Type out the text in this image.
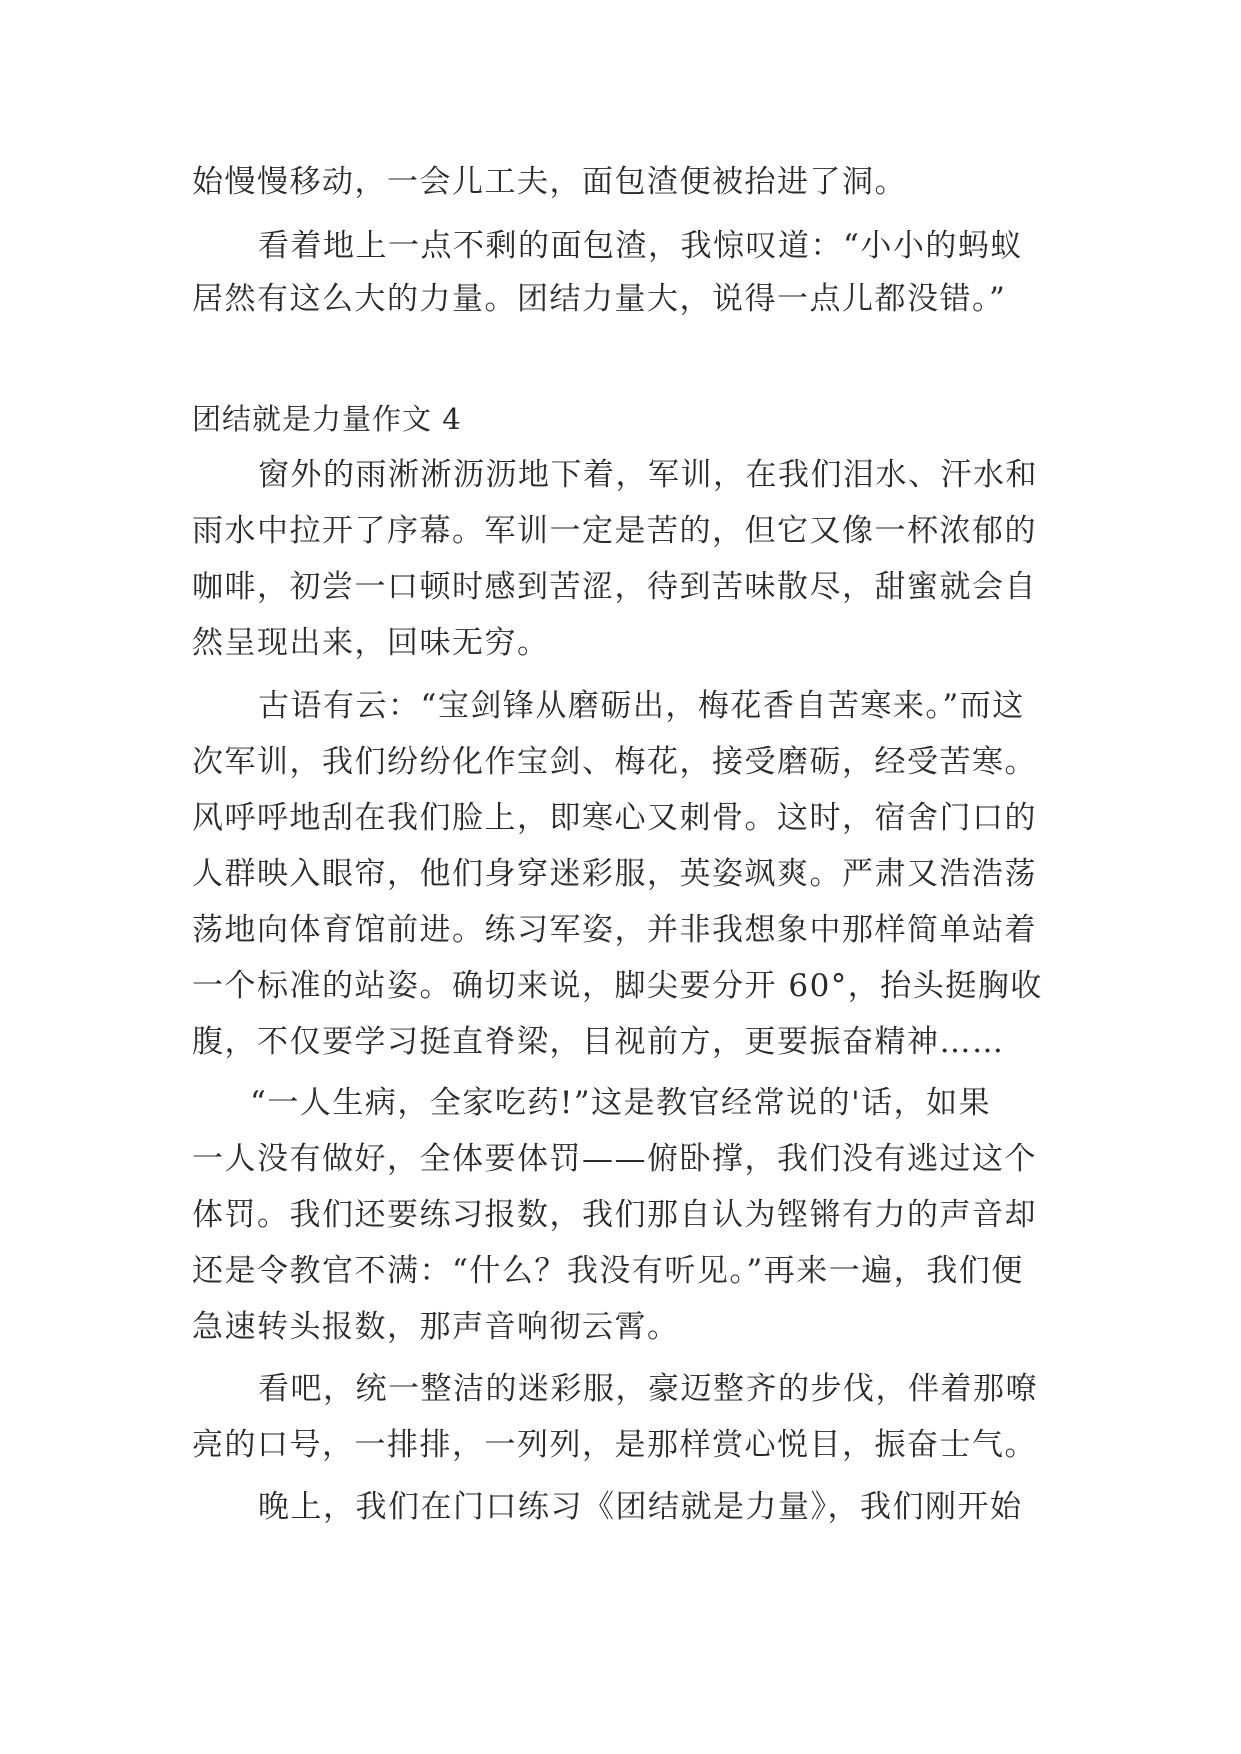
始慢慢移动，一会儿工夫，面包渣便被抬进了洞。
看着地上一点不剩的面包渣，我惊叹道：“小小的蚂蚁
居然有这么大的力量。团结力量大，说得一点儿都没错。”
团结就是力量作文 4
窗外的雨淅淅沥沥地下着，军训，在我们泪水、汗水和
雨水中拉开了序幕。军训一定是苦的，但它又像一杯浓郁的
咖啡，初尝一口顿时感到苦涩，待到苦味散尽，甜蜜就会自
然呈现出来，回味无穷。
古语有云：“宝剑锋从磨砺出，梅花香自苦寒来。”而这
次军训，我们纷纷化作宝剑、梅花，接受磨砺，经受苦寒。
风呼呼地刮在我们脸上，即寒心又刺骨。这时，宿舍门口的
人群映入眼帘，他们身穿迷彩服，英姿飒爽。严肃又浩浩荡
荡地向体育馆前进。练习军姿，并非我想象中那样简单站着
一个标准的站姿。确切来说，脚尖要分开 60°，抬头挺胸收
腹，不仅要学习挺直脊梁，目视前方，更要振奋精神……
“一人生病，全家吃药!”这是教官经常说的'话，如果
一人没有做好，全体要体罚——俯卧撑，我们没有逃过这个
体罚。我们还要练习报数，我们那自认为铿锵有力的声音却
还是令教官不满：“什么？我没有听见。”再来一遍，我们便
急速转头报数，那声音响彻云霄。
看吧，统一整洁的迷彩服，豪迈整齐的步伐，伴着那嘹
亮的口号，一排排，一列列，是那样赏心悦目，振奋士气。
晚上，我们在门口练习《团结就是力量》，我们刚开始
